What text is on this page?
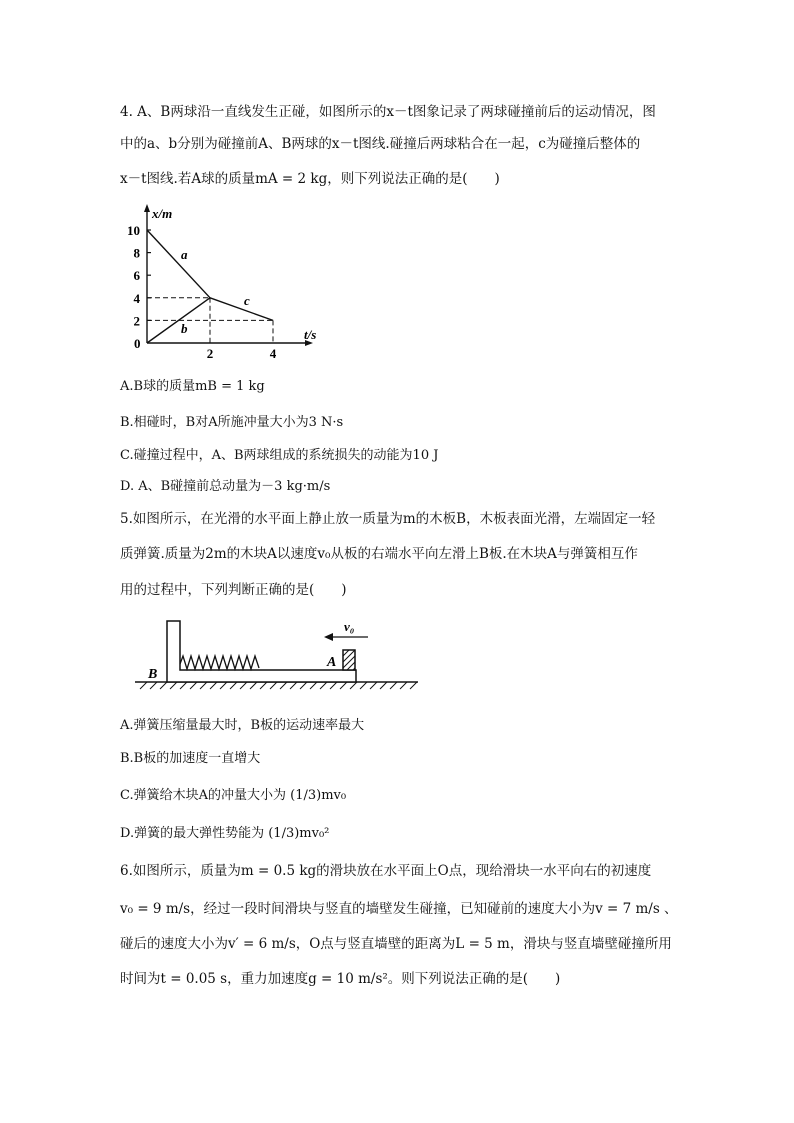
4. A、B两球沿一直线发生正碰，如图所示的x－t图象记录了两球碰撞前后的运动情况，图
中的a、b分别为碰撞前A、B两球的x－t图线.碰撞后两球粘合在一起，c为碰撞后整体的
x－t图线.若A球的质量mA = 2 kg，则下列说法正确的是(　　)
x/m
t/s
0
10
8
6
4
2
2	4
a
b
c
A.B球的质量mB = 1 kg
B.相碰时，B对A所施冲量大小为3 N·s
C.碰撞过程中，A、B两球组成的系统损失的动能为10 J
D. A、B碰撞前总动量为－3 kg·m/s
5.如图所示，在光滑的水平面上静止放一质量为m的木板B，木板表面光滑，左端固定一轻
质弹簧.质量为2m的木块A以速度v₀从板的右端水平向左滑上B板.在木块A与弹簧相互作
用的过程中，下列判断正确的是(　　)
v₀
A
B
A.弹簧压缩量最大时，B板的运动速率最大
B.B板的加速度一直增大
C.弹簧给木块A的冲量大小为 (1/3)mv₀
D.弹簧的最大弹性势能为 (1/3)mv₀²
6.如图所示，质量为m = 0.5 kg的滑块放在水平面上O点，现给滑块一水平向右的初速度
v₀ = 9 m/s，经过一段时间滑块与竖直的墙壁发生碰撞，已知碰前的速度大小为v = 7 m/s 、
碰后的速度大小为v′ = 6 m/s，O点与竖直墙壁的距离为L = 5 m，滑块与竖直墙壁碰撞所用
时间为t = 0.05 s，重力加速度g = 10 m/s²。则下列说法正确的是(　　)
